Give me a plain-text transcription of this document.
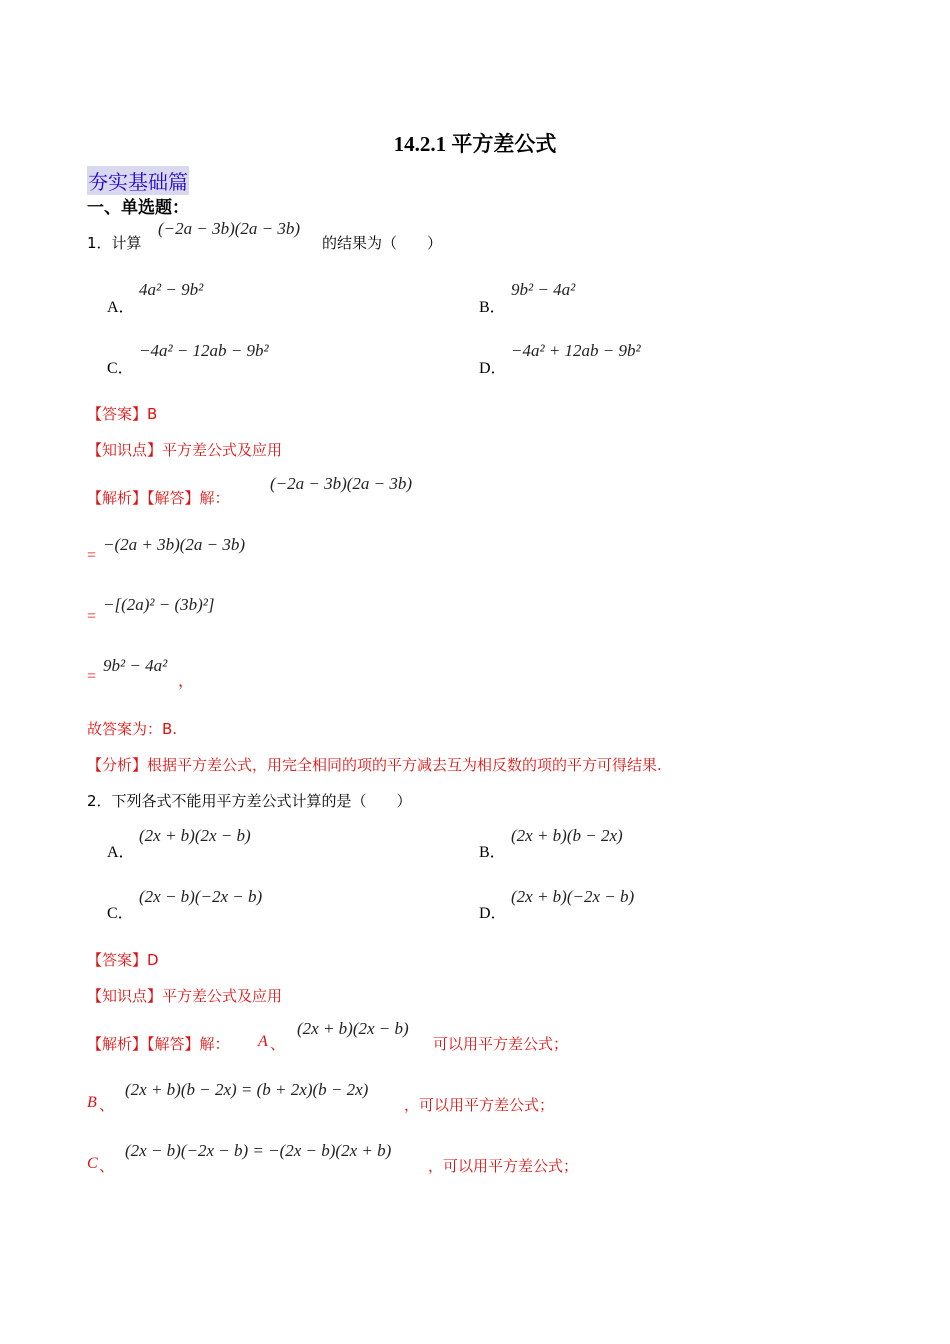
14.2.1 平方差公式
夯实基础篇
一、单选题：
1．计算
(−2a − 3b)(2a − 3b)
的结果为（　　）
A．
4a² − 9b²
B．
9b² − 4a²
C．
−4a² − 12ab − 9b²
D．
−4a² + 12ab − 9b²
【答案】B
【知识点】平方差公式及应用
【解析】【解答】解：
(−2a − 3b)(2a − 3b)
=
−(2a + 3b)(2a − 3b)
=
−[(2a)² − (3b)²]
=
9b² − 4a²
，
故答案为：B.
【分析】根据平方差公式，用完全相同的项的平方减去互为相反数的项的平方可得结果.
2．下列各式不能用平方差公式计算的是（　　）
A．
(2x + b)(2x − b)
B．
(2x + b)(b − 2x)
C．
(2x − b)(−2x − b)
D．
(2x + b)(−2x − b)
【答案】D
【知识点】平方差公式及应用
【解析】【解答】解： A 、
(2x + b)(2x − b)
可以用平方差公式；
B 、
(2x + b)(b − 2x) = (b + 2x)(b − 2x)
，可以用平方差公式；
C 、
(2x − b)(−2x − b) = −(2x − b)(2x + b)
，可以用平方差公式；
